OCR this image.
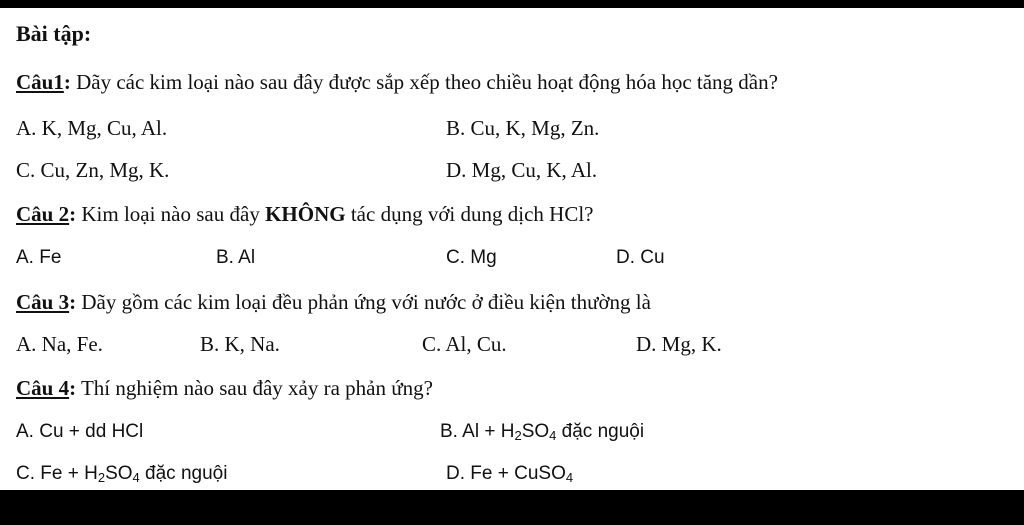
Bài tập:
Câu1: Dãy các kim loại nào sau đây được sắp xếp theo chiều hoạt động hóa học tăng dần?
A. K, Mg, Cu, Al.	B. Cu, K, Mg, Zn.
C. Cu, Zn, Mg, K.	D. Mg, Cu, K, Al.
Câu 2: Kim loại nào sau đây KHÔNG tác dụng với dung dịch HCl?
A. Fe	B. Al	C. Mg	D. Cu
Câu 3: Dãy gồm các kim loại đều phản ứng với nước ở điều kiện thường là
A. Na, Fe.	B. K, Na.	C. Al, Cu.	D. Mg, K.
Câu 4: Thí nghiệm nào sau đây xảy ra phản ứng?
A. Cu + dd HCl	B. $Al + H_2SO_4$ đặc nguội
C. $Fe + H_2SO_4$ đặc nguội	D. Fe + CuSO$_4$
